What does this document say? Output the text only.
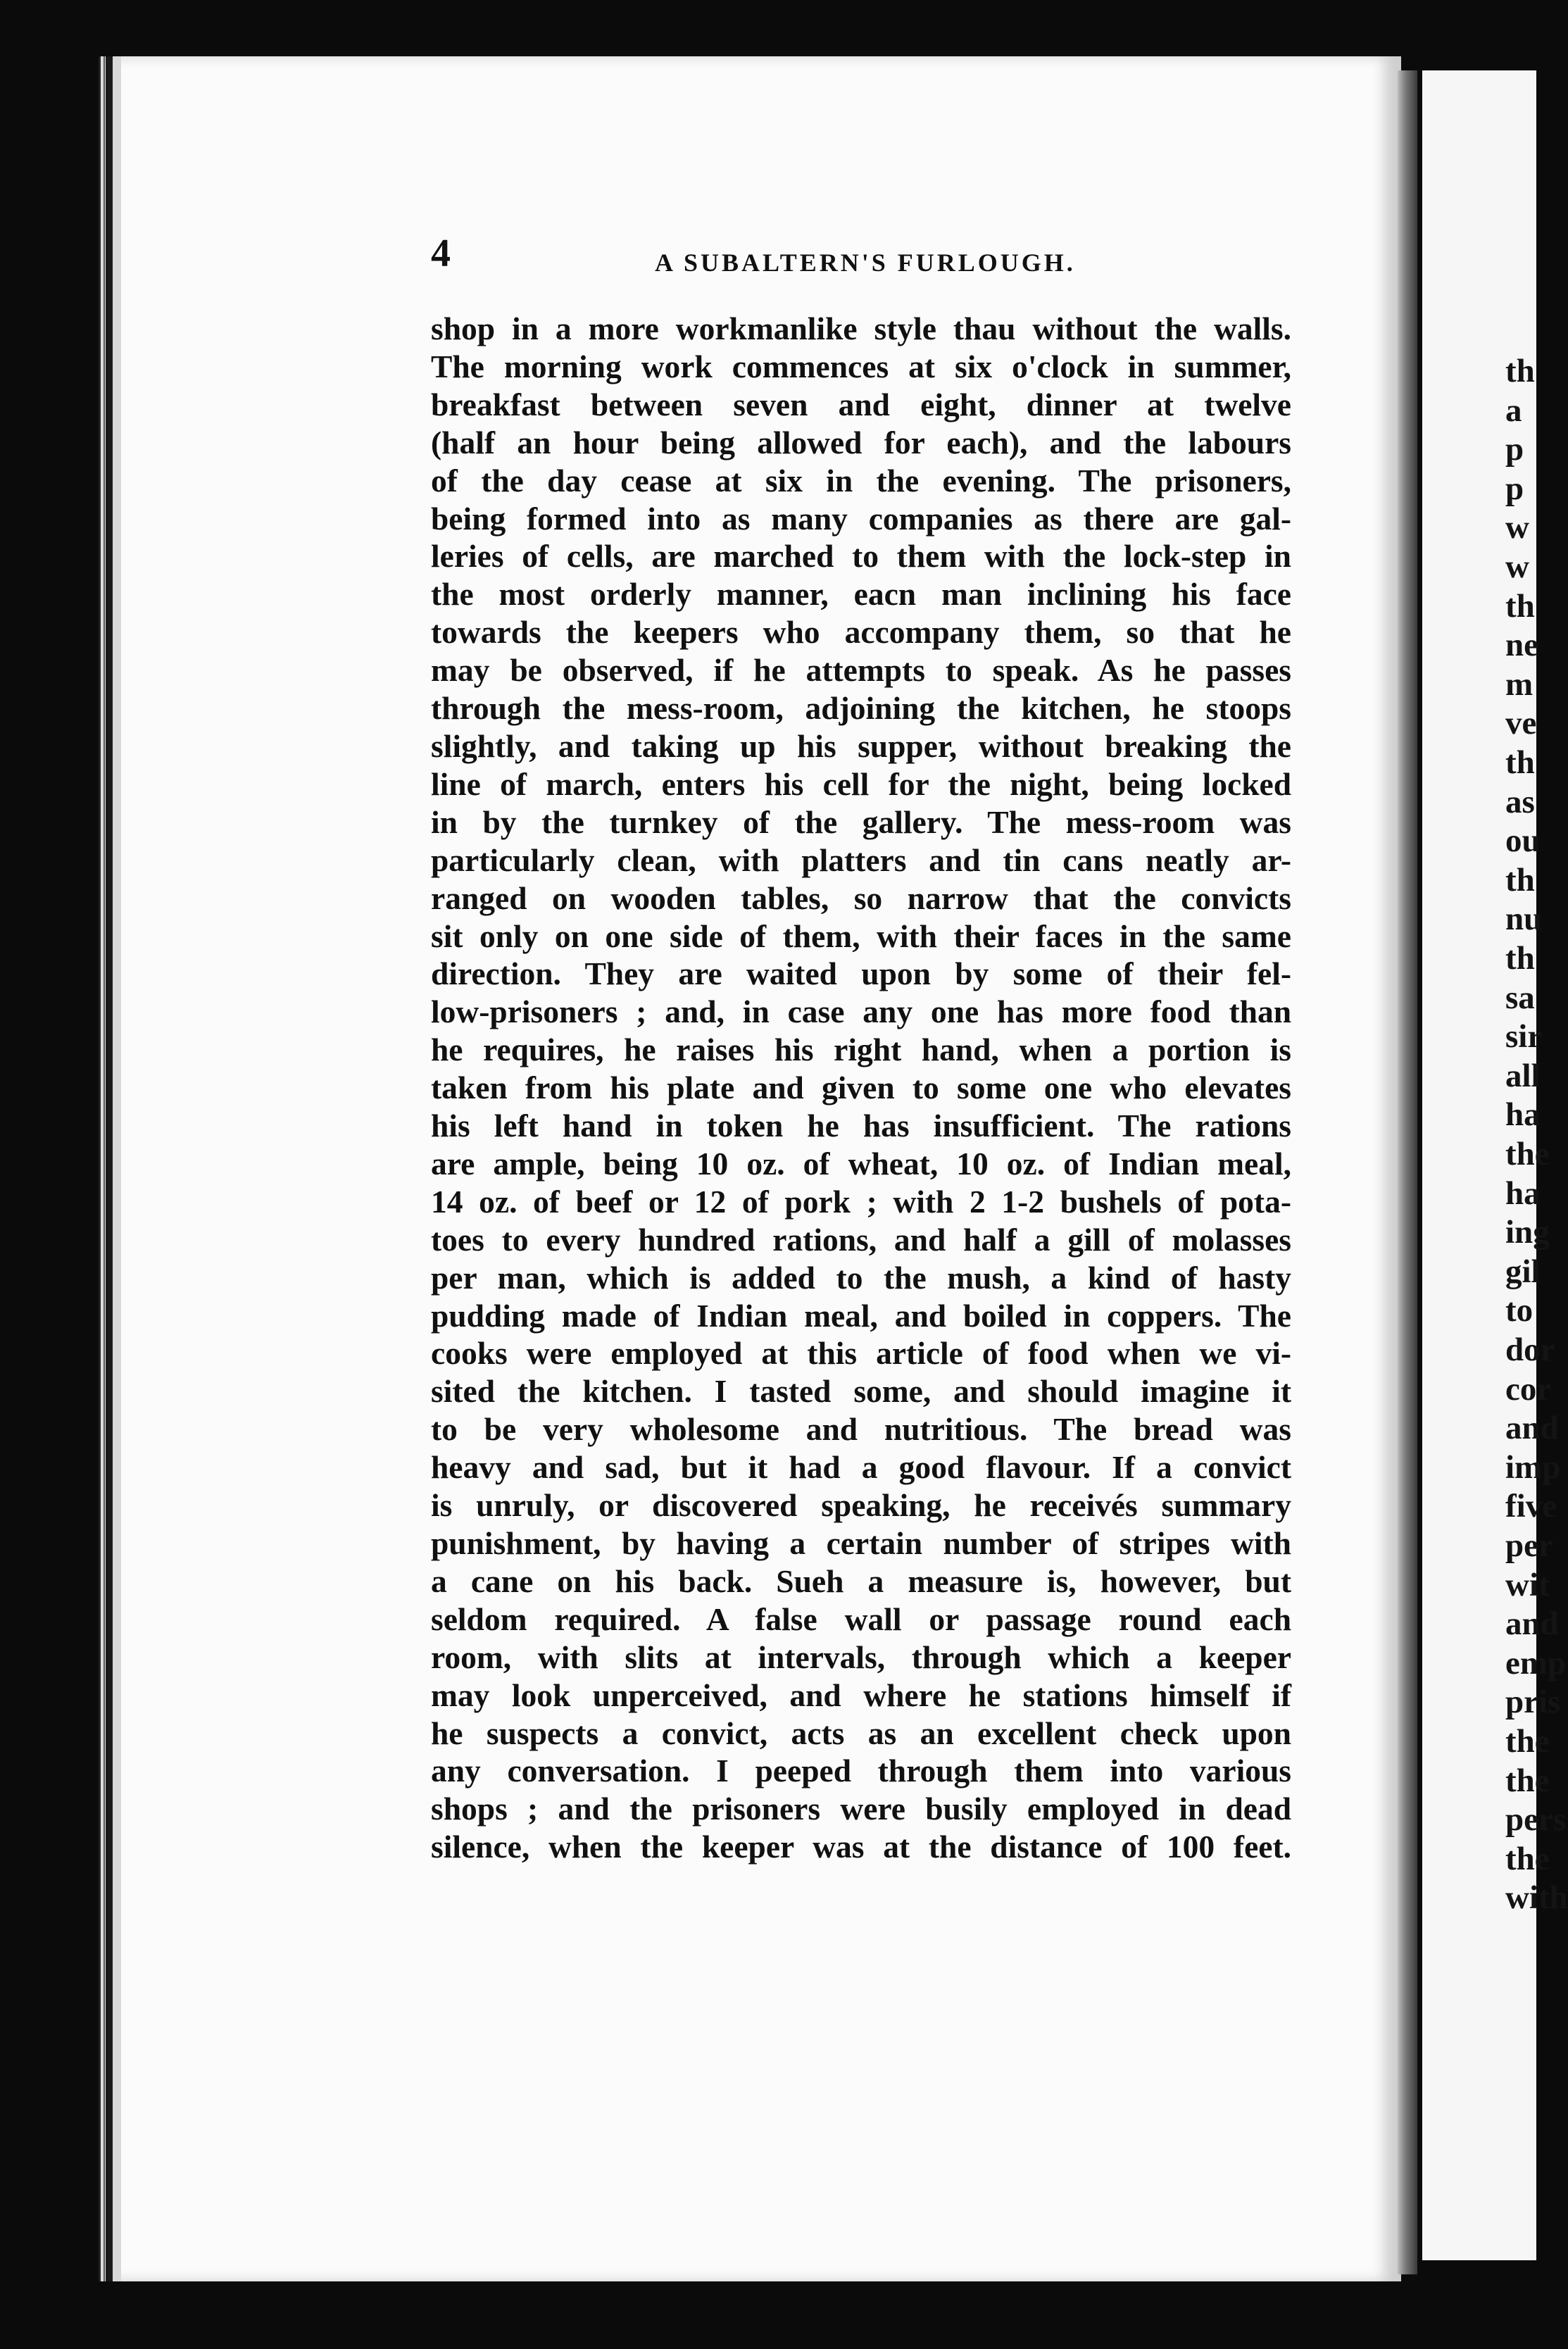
th
a
p
p
w
w
th
ne
m
ve
th
as
ou
th
nu
th
sa
sir
all
ha
the
ha
ing
gil
to
dor
cor
and
imp
five
per
wit
and
emp
pris
the
the
pers
the
with
4	A SUBALTERN'S FURLOUGH.
shop in a more workmanlike style thau without the walls.
The morning work commences at six o'clock in summer,
breakfast between seven and eight, dinner at twelve
(half an hour being allowed for each), and the labours
of the day cease at six in the evening. The prisoners,
being formed into as many companies as there are gal-
leries of cells, are marched to them with the lock-step in
the most orderly manner, eacn man inclining his face
towards the keepers who accompany them, so that he
may be observed, if he attempts to speak. As he passes
through the mess-room, adjoining the kitchen, he stoops
slightly, and taking up his supper, without breaking the
line of march, enters his cell for the night, being locked
in by the turnkey of the gallery. The mess-room was
particularly clean, with platters and tin cans neatly ar-
ranged on wooden tables, so narrow that the convicts
sit only on one side of them, with their faces in the same
direction. They are waited upon by some of their fel-
low-prisoners ; and, in case any one has more food than
he requires, he raises his right hand, when a portion is
taken from his plate and given to some one who elevates
his left hand in token he has insufficient. The rations
are ample, being 10 oz. of wheat, 10 oz. of Indian meal,
14 oz. of beef or 12 of pork ; with 2 1-2 bushels of pota-
toes to every hundred rations, and half a gill of molasses
per man, which is added to the mush, a kind of hasty
pudding made of Indian meal, and boiled in coppers. The
cooks were employed at this article of food when we vi-
sited the kitchen. I tasted some, and should imagine it
to be very wholesome and nutritious. The bread was
heavy and sad, but it had a good flavour. If a convict
is unruly, or discovered speaking, he receivés summary
punishment, by having a certain number of stripes with
a cane on his back. Sueh a measure is, however, but
seldom required. A false wall or passage round each
room, with slits at intervals, through which a keeper
may look unperceived, and where he stations himself if
he suspects a convict, acts as an excellent check upon
any conversation. I peeped through them into various
shops ; and the prisoners were busily employed in dead
silence, when the keeper was at the distance of 100 feet.
